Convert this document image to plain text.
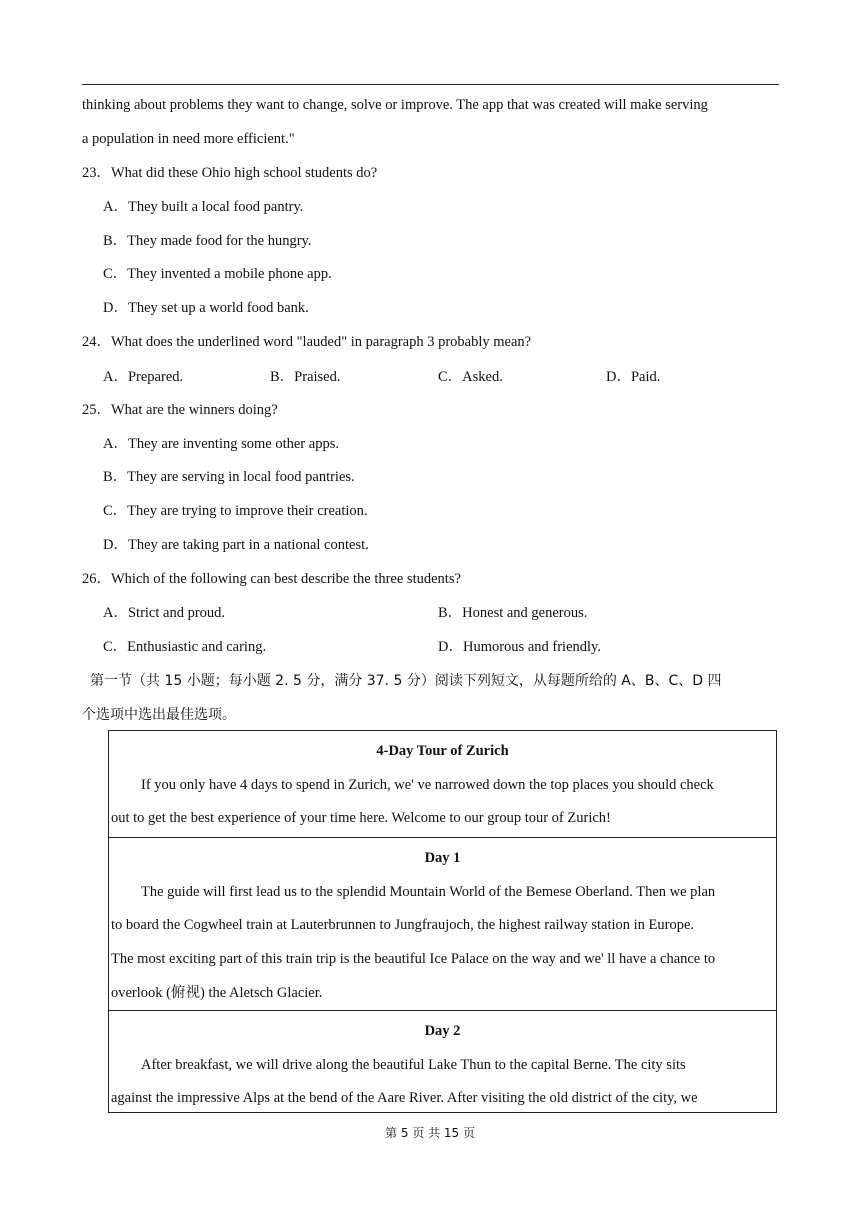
thinking about problems they want to change, solve or improve. The app that was created will make serving
a population in need more efficient."
23．What did these Ohio high school students do?
A．They built a local food pantry.
B．They made food for the hungry.
C．They invented a mobile phone app.
D．They set up a world food bank.
24．What does the underlined word "lauded" in paragraph 3 probably mean?
A．Prepared.	B．Praised.	C．Asked.	D．Paid.
25．What are the winners doing?
A．They are inventing some other apps.
B．They are serving in local food pantries.
C．They are trying to improve their creation.
D．They are taking part in a national contest.
26．Which of the following can best describe the three students?
A．Strict and proud.	B．Honest and generous.
C．Enthusiastic and caring.	D．Humorous and friendly.
第一节（共 15 小题；每小题 2. 5 分，满分 37. 5 分）阅读下列短文，从每题所给的 A、B、C、D 四
个选项中选出最佳选项。
4-Day Tour of Zurich
If you only have 4 days to spend in Zurich, we' ve narrowed down the top places you should check
out to get the best experience of your time here. Welcome to our group tour of Zurich!
Day 1
The guide will first lead us to the splendid Mountain World of the Bemese Oberland. Then we plan
to board the Cogwheel train at Lauterbrunnen to Jungfraujoch, the highest railway station in Europe.
The most exciting part of this train trip is the beautiful Ice Palace on the way and we' ll have a chance to
overlook (俯视) the Aletsch Glacier.
Day 2
After breakfast, we will drive along the beautiful Lake Thun to the capital Berne. The city sits
against the impressive Alps at the bend of the Aare River. After visiting the old district of the city, we
第 5 页 共 15 页
